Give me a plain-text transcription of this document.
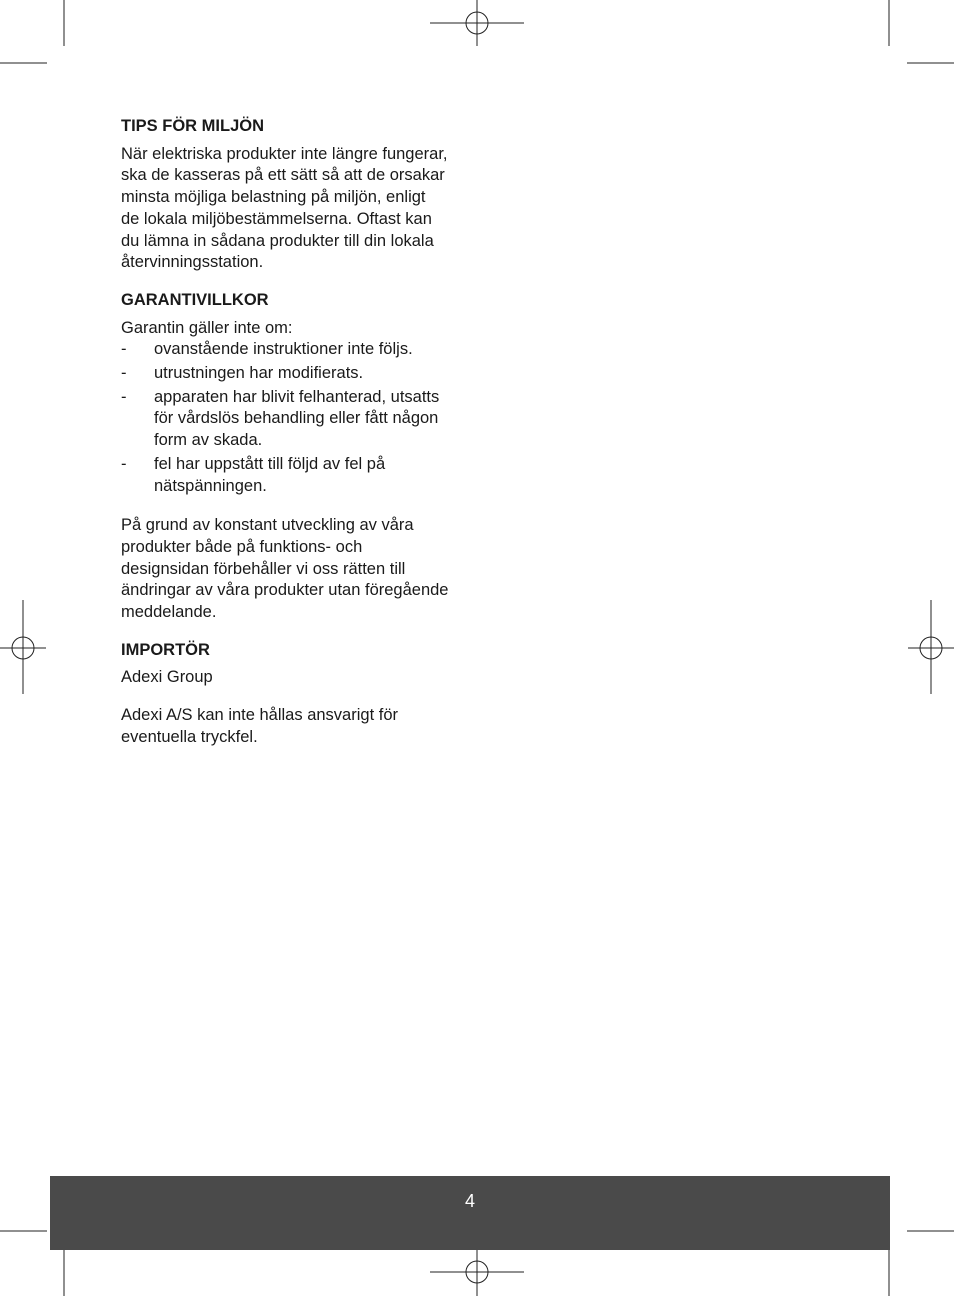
TIPS FÖR MILJÖN

När elektriska produkter inte längre fungerar,
ska de kasseras på ett sätt så att de orsakar
minsta möjliga belastning på miljön, enligt
de lokala miljöbestämmelserna. Oftast kan
du lämna in sådana produkter till din lokala
återvinningsstation.

GARANTIVILLKOR

Garantin gäller inte om:

- ovanstående instruktioner inte följs.
- utrustningen har modifierats.
- apparaten har blivit felhanterad, utsatts
för vårdslös behandling eller fått någon
form av skada.
- fel har uppstått till följd av fel på
nätspänningen.

På grund av konstant utveckling av våra
produkter både på funktions- och
designsidan förbehåller vi oss rätten till
ändringar av våra produkter utan föregående
meddelande.

IMPORTÖR

Adexi Group

Adexi A/S kan inte hållas ansvarigt för
eventuella tryckfel.

4
